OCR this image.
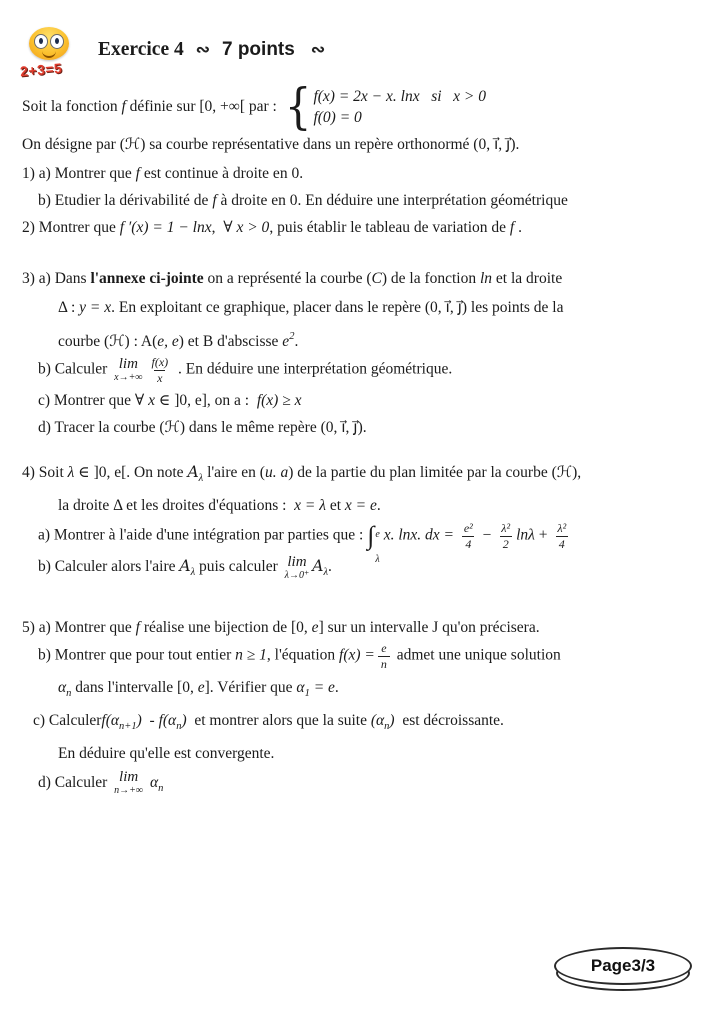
2+3=5
Exercice 4 ∾ 7 points ∾
Soit la fonction f définie sur [0, +∞[ par : { f(x) = 2x − x. lnx   si   x > 0
f(0) = 0
On désigne par (ℋ) sa courbe représentative dans un repère orthonormé (0, ı⃗, ȷ⃗).
1) a) Montrer que f est continue à droite en 0.
b) Etudier la dérivabilité de f à droite en 0. En déduire une interprétation géométrique
2) Montrer que f ′(x) = 1 − lnx,  ∀ x > 0, puis établir le tableau de variation de f .
3) a) Dans l'annexe ci-jointe on a représenté la courbe (C) de la fonction ln et la droite
Δ : y = x. En exploitant ce graphique, placer dans le repère (0, ı⃗, ȷ⃗) les points de la
courbe (ℋ) : A(e, e) et B d'abscisse $e^2$.
b) Calculer lim
$x\to+\infty \frac{f(x)}{x}$ . En déduire une interprétation géométrique.
c) Montrer que ∀ x ∈ ]0, e], on a :  f(x) ≥ x
d) Tracer la courbe (ℋ) dans le même repère (0, ı⃗, ȷ⃗).
4) Soit λ ∈ ]0, e[. On note $A_\lambda$ l'aire en (u. a) de la partie du plan limitée par la courbe (ℋ),
la droite Δ et les droites d'équations :  x = λ et x = e.
a) Montrer à l'aide d'une intégration par parties que : ∫ e
λ
x. lnx. dx = $\frac{\text{e²}}{4} - \frac{\text{λ²}}{2}$ $\ln\lambda + \frac{\text{λ²}}{4}$
b) Calculer alors l'aire $A_\lambda$ puis calculer lim
λ→0⁺ $A_\lambda$.
5) a) Montrer que f réalise une bijection de [0, e] sur un intervalle J qu'on précisera.
b) Montrer que pour tout entier n ≥ 1, l'équation $f(x) = \frac{e}{n}$ admet une unique solution
$\alpha_n$ dans l'intervalle [0, e]. Vérifier que $\alpha_1 = e$.
c) $Calculerf(\alpha_{n+1}) - f(\alpha_n)$  et montrer alors que la suite $(\alpha_n)$  est décroissante.
En déduire qu'elle est convergente.
d) Calculer lim
n→+∞ $\alpha_n$
Page3/3
